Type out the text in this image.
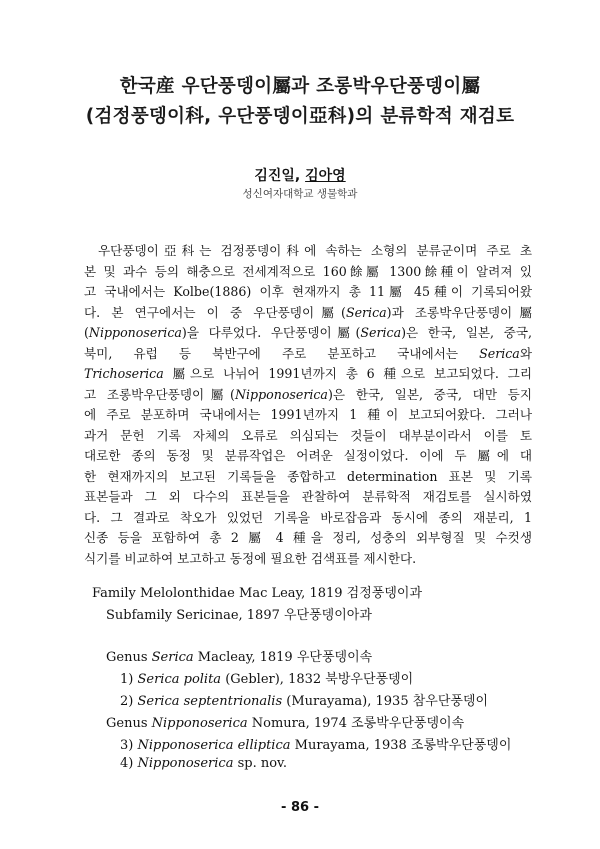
한국産 우단풍뎅이屬과 조롱박우단풍뎅이屬
(검정풍뎅이科, 우단풍뎅이亞科)의 분류학적 재검토
김진일, 김아영
성신여자대학교 생물학과
우단풍뎅이亞科는 검정풍뎅이科에 속하는 소형의 분류군이며 주로 초
본 및 과수 등의 해충으로 전세계적으로 160餘屬 1300餘種이 알려져 있
고 국내에서는 Kolbe(1886) 이후 현재까지 총 11屬 45種이 기록되어왔
다. 본 연구에서는 이 중 우단풍뎅이屬(Serica)과 조롱박우단풍뎅이屬
(Nipponoserica)을 다루었다. 우단풍뎅이屬(Serica)은 한국, 일본, 중국,
북미, 유럽 등 북반구에 주로 분포하고 국내에서는 Serica와
Trichoserica 屬으로 나뉘어 1991년까지 총 6 種으로 보고되었다. 그리
고 조롱박우단풍뎅이屬(Nipponoserica)은 한국, 일본, 중국, 대만 등지
에 주로 분포하며 국내에서는 1991년까지 1 種이 보고되어왔다. 그러나
과거 문헌 기록 자체의 오류로 의심되는 것들이 대부분이라서 이를 토
대로한 종의 동정 및 분류작업은 어려운 실정이었다. 이에 두 屬에 대
한 현재까지의 보고된 기록들을 종합하고 determination 표본 및 기록
표본들과 그 외 다수의 표본들을 관찰하여 분류학적 재검토를 실시하였
다. 그 결과로 착오가 있었던 기록을 바로잡음과 동시에 종의 재분리, 1
신종 등을 포함하여 총 2 屬 4 種을 정리, 성충의 외부형질 및 수컷생
식기를 비교하여 보고하고 동정에 필요한 검색표를 제시한다.
Family Melolonthidae Mac Leay, 1819 검정풍뎅이과
Subfamily Sericinae, 1897 우단풍뎅이아과
Genus Serica Macleay, 1819 우단풍뎅이속
1) Serica polita (Gebler), 1832 북방우단풍뎅이
2) Serica septentrionalis (Murayama), 1935 참우단풍뎅이
Genus Nipponoserica Nomura, 1974 조롱박우단풍뎅이속
3) Nipponoserica elliptica Murayama, 1938 조롱박우단풍뎅이
4) Nipponoserica sp. nov.
- 86 -
